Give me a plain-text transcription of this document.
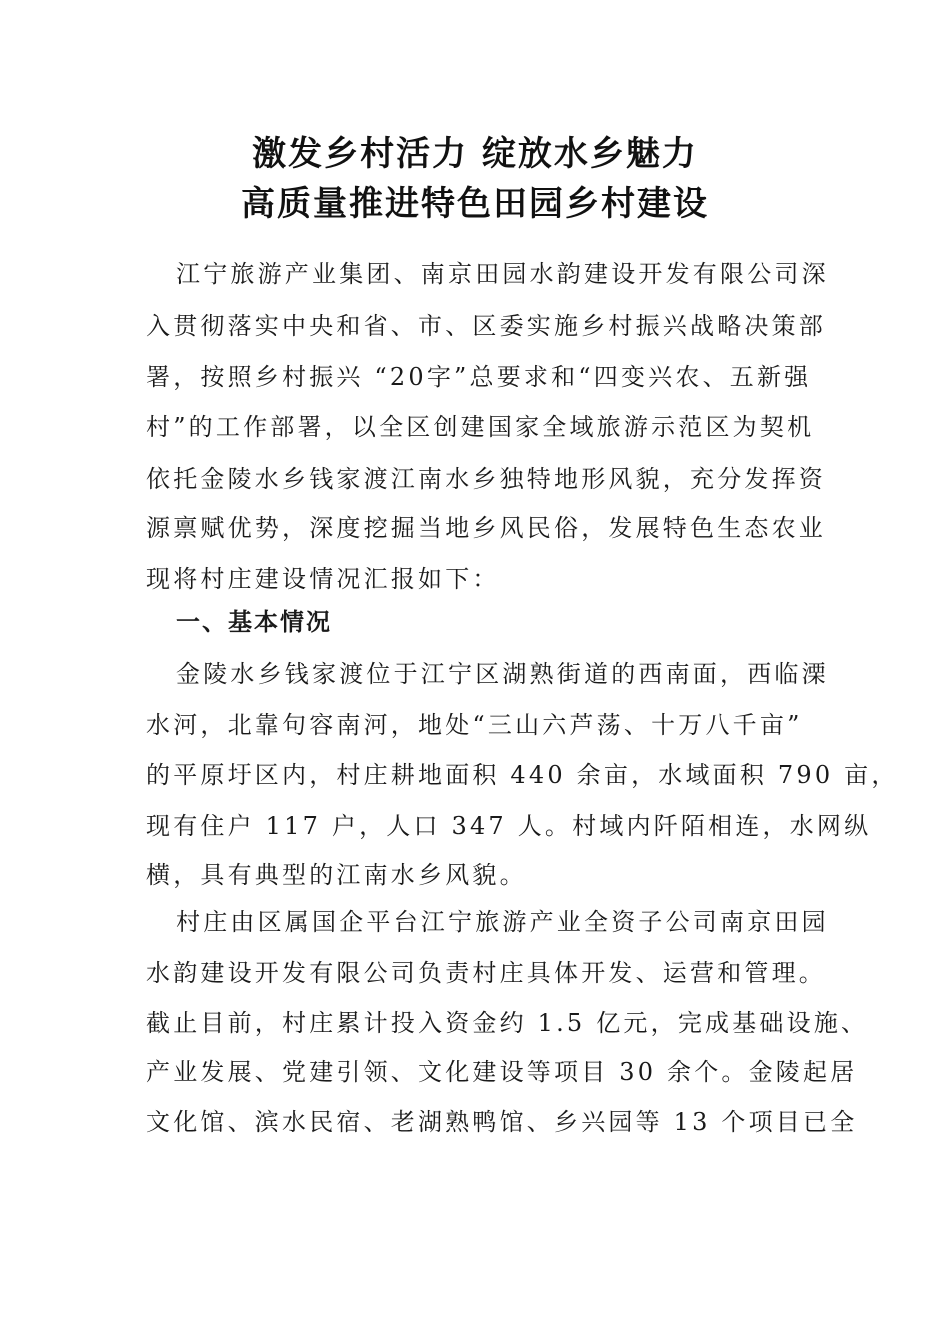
激发乡村活力 绽放水乡魅力
高质量推进特色田园乡村建设
江宁旅游产业集团、南京田园水韵建设开发有限公司深
入贯彻落实中央和省、市、区委实施乡村振兴战略决策部
署，按照乡村振兴 “20字”总要求和“四变兴农、五新强
村”的工作部署，以全区创建国家全域旅游示范区为契机
依托金陵水乡钱家渡江南水乡独特地形风貌，充分发挥资
源禀赋优势，深度挖掘当地乡风民俗，发展特色生态农业
现将村庄建设情况汇报如下：
一、基本情况
金陵水乡钱家渡位于江宁区湖熟街道的西南面，西临溧
水河，北靠句容南河，地处“三山六芦荡、十万八千亩”
的平原圩区内，村庄耕地面积 440 余亩，水域面积 790 亩，
现有住户 117 户，人口 347 人。村域内阡陌相连，水网纵
横，具有典型的江南水乡风貌。
村庄由区属国企平台江宁旅游产业全资子公司南京田园
水韵建设开发有限公司负责村庄具体开发、运营和管理。
截止目前，村庄累计投入资金约 1.5 亿元，完成基础设施、
产业发展、党建引领、文化建设等项目 30 余个。金陵起居
文化馆、滨水民宿、老湖熟鸭馆、乡兴园等 13 个项目已全
